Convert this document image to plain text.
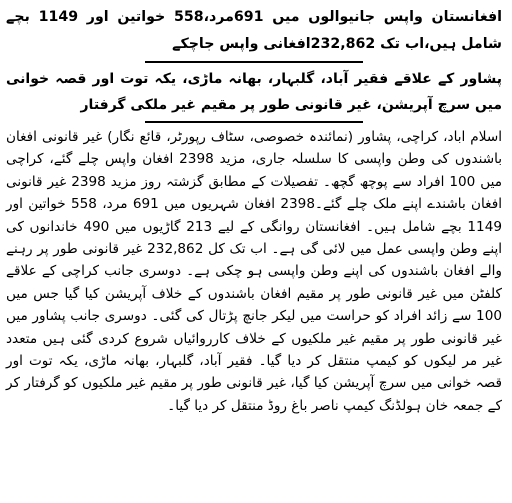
افغانستان واپس جانیوالوں میں 691مرد،558 خواتین اور 1149 بچے شامل ہیں،اب تک 232,862افغانی واپس جاچکے

پشاور کے علاقے فقیر آباد، گلبہار، بھانہ ماڑی، یکہ توت اور قصہ خوانی میں سرچ آپریشن، غیر قانونی طور پر مقیم غیر ملکی گرفتار

اسلام اباد، کراچی، پشاور (نمائندہ خصوصی، سٹاف رپورٹر، قائع نگار) غیر قانونی افغان باشندوں کی وطن واپسی کا سلسلہ جاری، مزید 2398 افغان واپس چلے گئے، کراچی میں 100 افراد سے پوچھ گچھ۔ تفصیلات کے مطابق گزشتہ روز مزید 2398 غیر قانونی افغان باشندے اپنے ملک چلے گئے۔2398 افغان شہریوں میں 691 مرد، 558 خواتین اور 1149 بچے شامل ہیں۔ افغانستان روانگی کے لیے 213 گاڑیوں میں 490 خاندانوں کی اپنے وطن واپسی عمل میں لائی گی ہے۔ اب تک کل 232,862 غیر قانونی طور پر رہنے والے افغان باشندوں کی اپنے وطن واپسی ہو چکی ہے۔ دوسری جانب کراچی کے علاقے کلفٹن میں غیر قانونی طور پر مقیم افغان باشندوں کے خلاف آپریشن کیا گیا جس میں 100 سے زائد افراد کو حراست میں لیکر جانچ پڑتال کی گئی۔ دوسری جانب پشاور میں غیر قانونی طور پر مقیم غیر ملکیوں کے خلاف کارروائیاں شروع کردی گئی ہیں متعدد غیر مر لیکوں کو کیمپ منتقل کر دیا گیا۔ فقیر آباد، گلبہار، بھانہ ماڑی، یکہ توت اور قصہ خوانی میں سرچ آپریشن کیا گیا، غیر قانونی طور پر مقیم غیر ملکیوں کو گرفتار کر کے جمعہ خان ہولڈنگ کیمپ ناصر باغ روڈ منتقل کر دیا گیا۔
